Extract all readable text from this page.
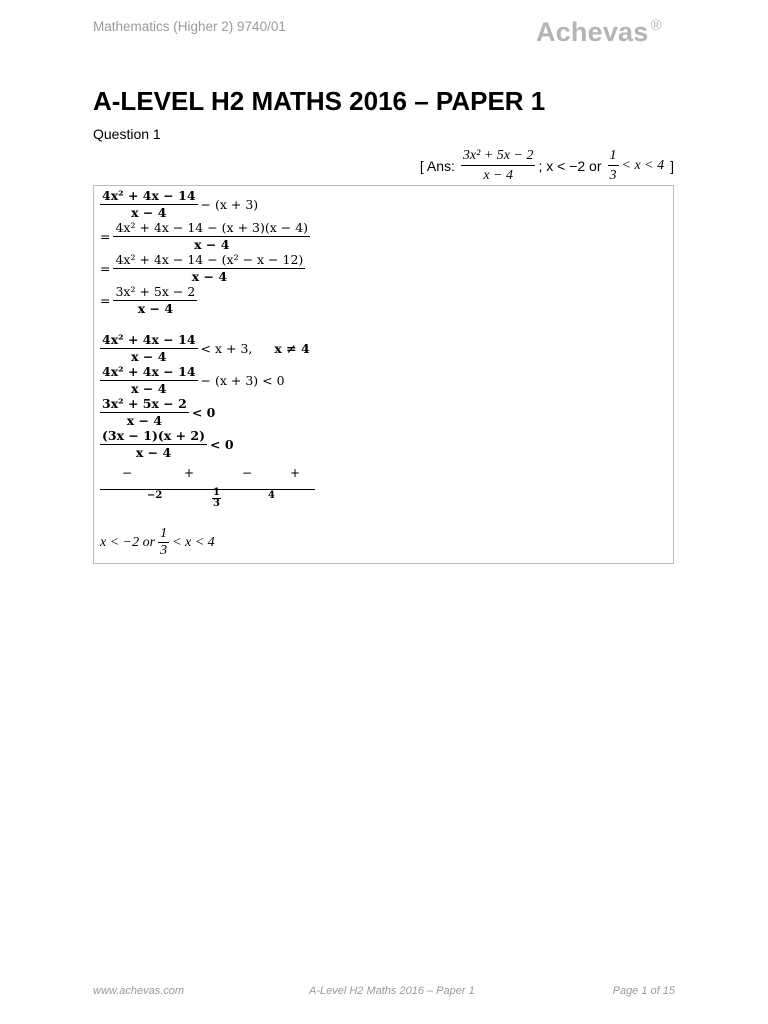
Mathematics (Higher 2) 9740/01	Achevas ®
A-LEVEL H2 MATHS 2016 – PAPER 1
Question 1
[ Ans: $\frac{\text{3x² + 5x − 2}}{x - 4}$ ; x < −2 or $\frac{1}{3} < x < 4$ ]
$\frac{\text{4x² + 4x − 14}}{x - 4} - (x + 3)$
= $\frac{\text{4x² + 4x − 14 − (x + 3)(x − 4)}}{x - 4}$
= $\frac{\text{4x² + 4x − 14 − (x² − x − 12)}}{x - 4}$
= $\frac{\text{3x² + 5x − 2}}{x - 4}$
$\frac{\text{4x² + 4x − 14}}{x - 4} < x + 3$, x ≠ 4
$\frac{\text{4x² + 4x − 14}}{x - 4} - (x + 3) < 0$
$\frac{\text{3x² + 5x − 2}}{x - 4} < 0$
$\frac{(3x - 1)(x + 2)}{x - 4} < 0$
−	+	−	+
−2	$\frac{1}{3}$	4
x < −2 or $\frac{1}{3} < x < 4$
www.achevas.com	A-Level H2 Maths 2016 – Paper 1	Page 1 of 15
